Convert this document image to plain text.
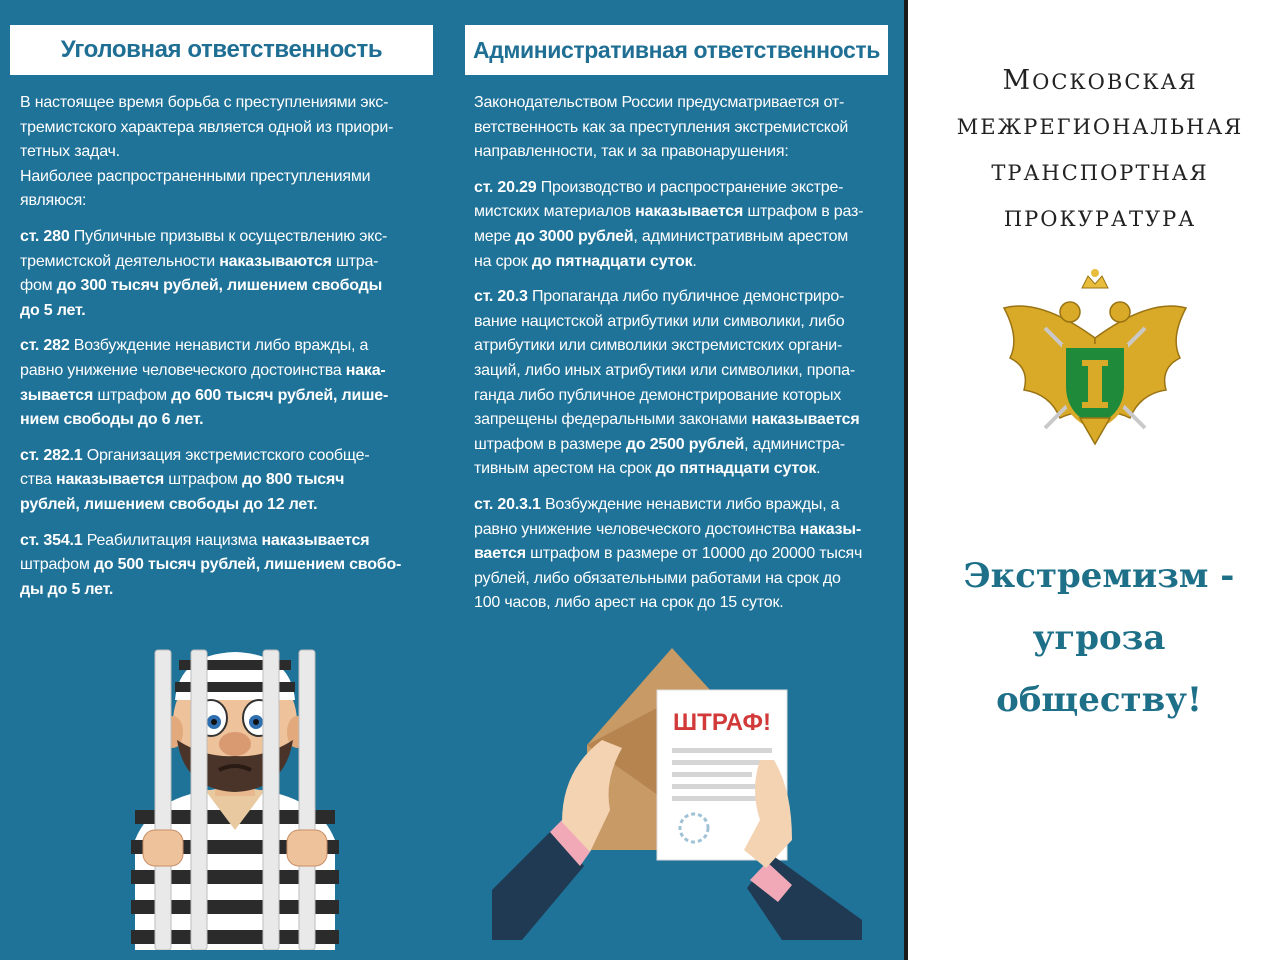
Уголовная ответственность
В настоящее время борьба с преступлениями экс-
тремистского характера является одной из приори-
тетных задач.
Наиболее распространенными преступлениями
являюся:
ст. 280 Публичные призывы к осуществлению экс-
тремистской деятельности наказываются штра-
фом до 300 тысяч рублей, лишением свободы
до 5 лет.
ст. 282 Возбуждение ненависти либо вражды, а
равно унижение человеческого достоинства нака-
зывается штрафом до 600 тысяч рублей, лише-
нием свободы до 6 лет.
ст. 282.1 Организация экстремистского сообще-
ства наказывается штрафом до 800 тысяч
рублей, лишением свободы до 12 лет.
ст. 354.1 Реабилитация нацизма наказывается
штрафом до 500 тысяч рублей, лишением свобо-
ды до 5 лет.
Административная ответственность
Законодательством России предусматривается от-
ветственность как за преступления экстремистской
направленности, так и за правонарушения:
ст. 20.29 Производство и распространение экстре-
мистских материалов наказывается штрафом в раз-
мере до 3000 рублей, административным арестом
на срок до пятнадцати суток.
ст. 20.3 Пропаганда либо публичное демонстриро-
вание нацистской атрибутики или символики, либо
атрибутики или символики экстремистских органи-
заций, либо иных атрибутики или символики, пропа-
ганда либо публичное демонстрирование которых
запрещены федеральными законами наказывается
штрафом в размере до 2500 рублей, администра-
тивным арестом на срок до пятнадцати суток.
ст. 20.3.1 Возбуждение ненависти либо вражды, а
равно унижение человеческого достоинства наказы-
вается штрафом в размере от 10000 до 20000 тысяч
рублей, либо обязательными работами на срок до
100 часов, либо арест на срок до 15 суток.
ШТРАФ!
МОСКОВСКАЯ
МЕЖРЕГИОНАЛЬНАЯ
ТРАНСПОРТНАЯ
ПРОКУРАТУРА
Экстремизм -
угроза
обществу!
